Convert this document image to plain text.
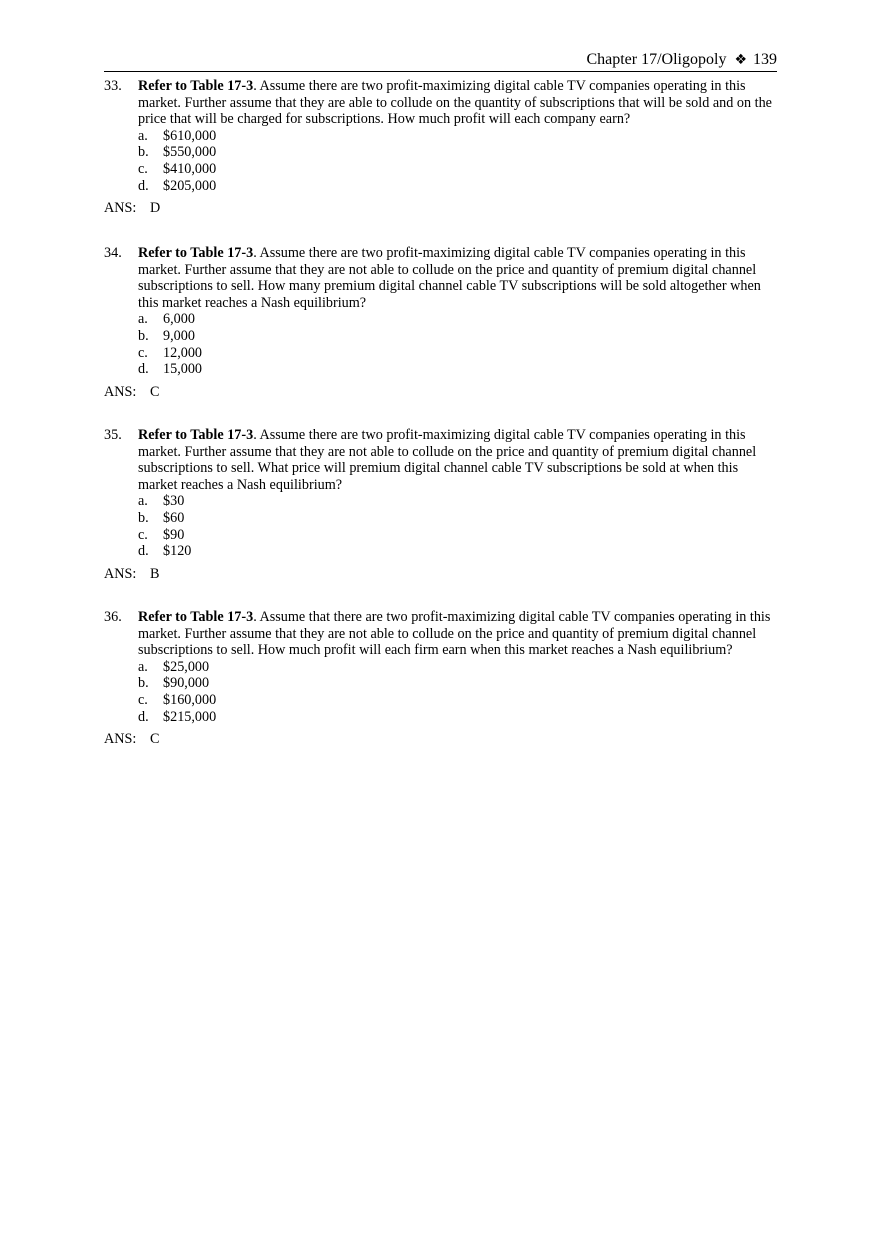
Chapter 17/Oligopoly ❖ 139
33.	Refer to Table 17-3. Assume there are two profit-maximizing digital cable TV companies operating in this market. Further assume that they are able to collude on the quantity of subscriptions that will be sold and on the price that will be charged for subscriptions. How much profit will each company earn?
a.	$610,000
b.	$550,000
c.	$410,000
d.	$205,000
ANS: D
34.	Refer to Table 17-3. Assume there are two profit-maximizing digital cable TV companies operating in this market. Further assume that they are not able to collude on the price and quantity of premium digital channel subscriptions to sell. How many premium digital channel cable TV subscriptions will be sold altogether when this market reaches a Nash equilibrium?
a.	6,000
b.	9,000
c.	12,000
d.	15,000
ANS: C
35.	Refer to Table 17-3. Assume there are two profit-maximizing digital cable TV companies operating in this market. Further assume that they are not able to collude on the price and quantity of premium digital channel subscriptions to sell. What price will premium digital channel cable TV subscriptions be sold at when this market reaches a Nash equilibrium?
a.	$30
b.	$60
c.	$90
d.	$120
ANS: B
36.	Refer to Table 17-3. Assume that there are two profit-maximizing digital cable TV companies operating in this market. Further assume that they are not able to collude on the price and quantity of premium digital channel subscriptions to sell. How much profit will each firm earn when this market reaches a Nash equilibrium?
a.	$25,000
b.	$90,000
c.	$160,000
d.	$215,000
ANS: C
